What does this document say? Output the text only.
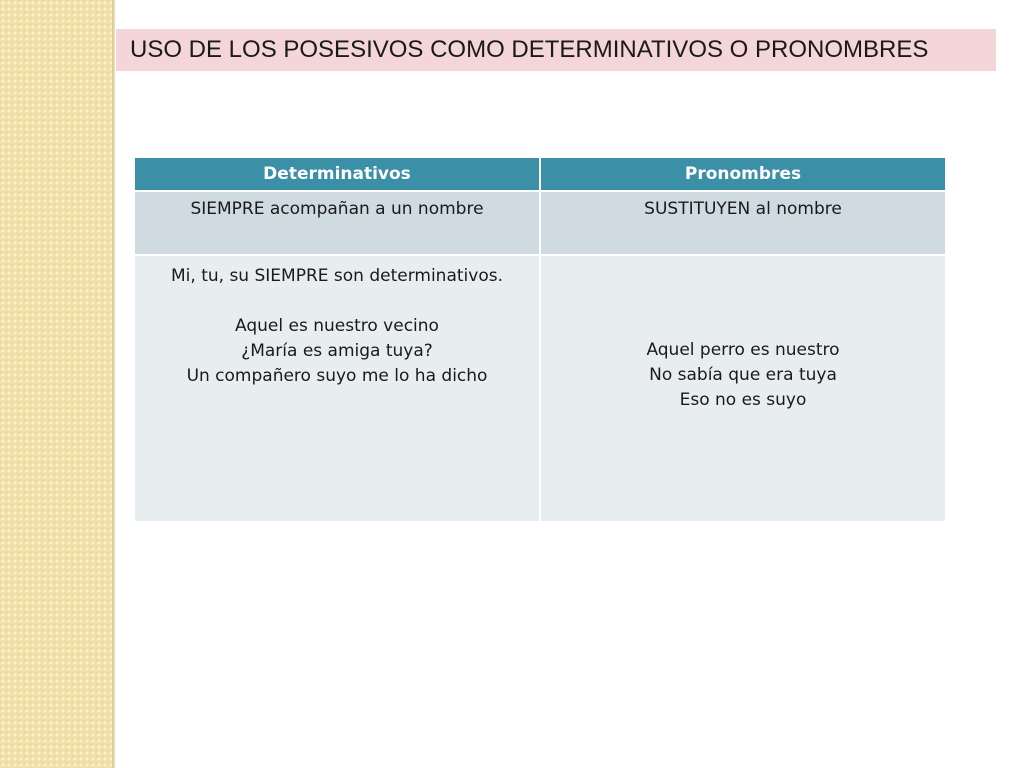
USO DE LOS POSESIVOS COMO DETERMINATIVOS O PRONOMBRES
Determinativos	Pronombres
SIEMPRE acompañan a un nombre	SUSTITUYEN al nombre

Mi, tu, su SIEMPRE son determinativos.
Aquel es nuestro vecino
¿María es amiga tuya?
Un compañero suyo me lo ha dicho	Aquel perro es nuestro
No sabía que era tuya
Eso no es suyo
